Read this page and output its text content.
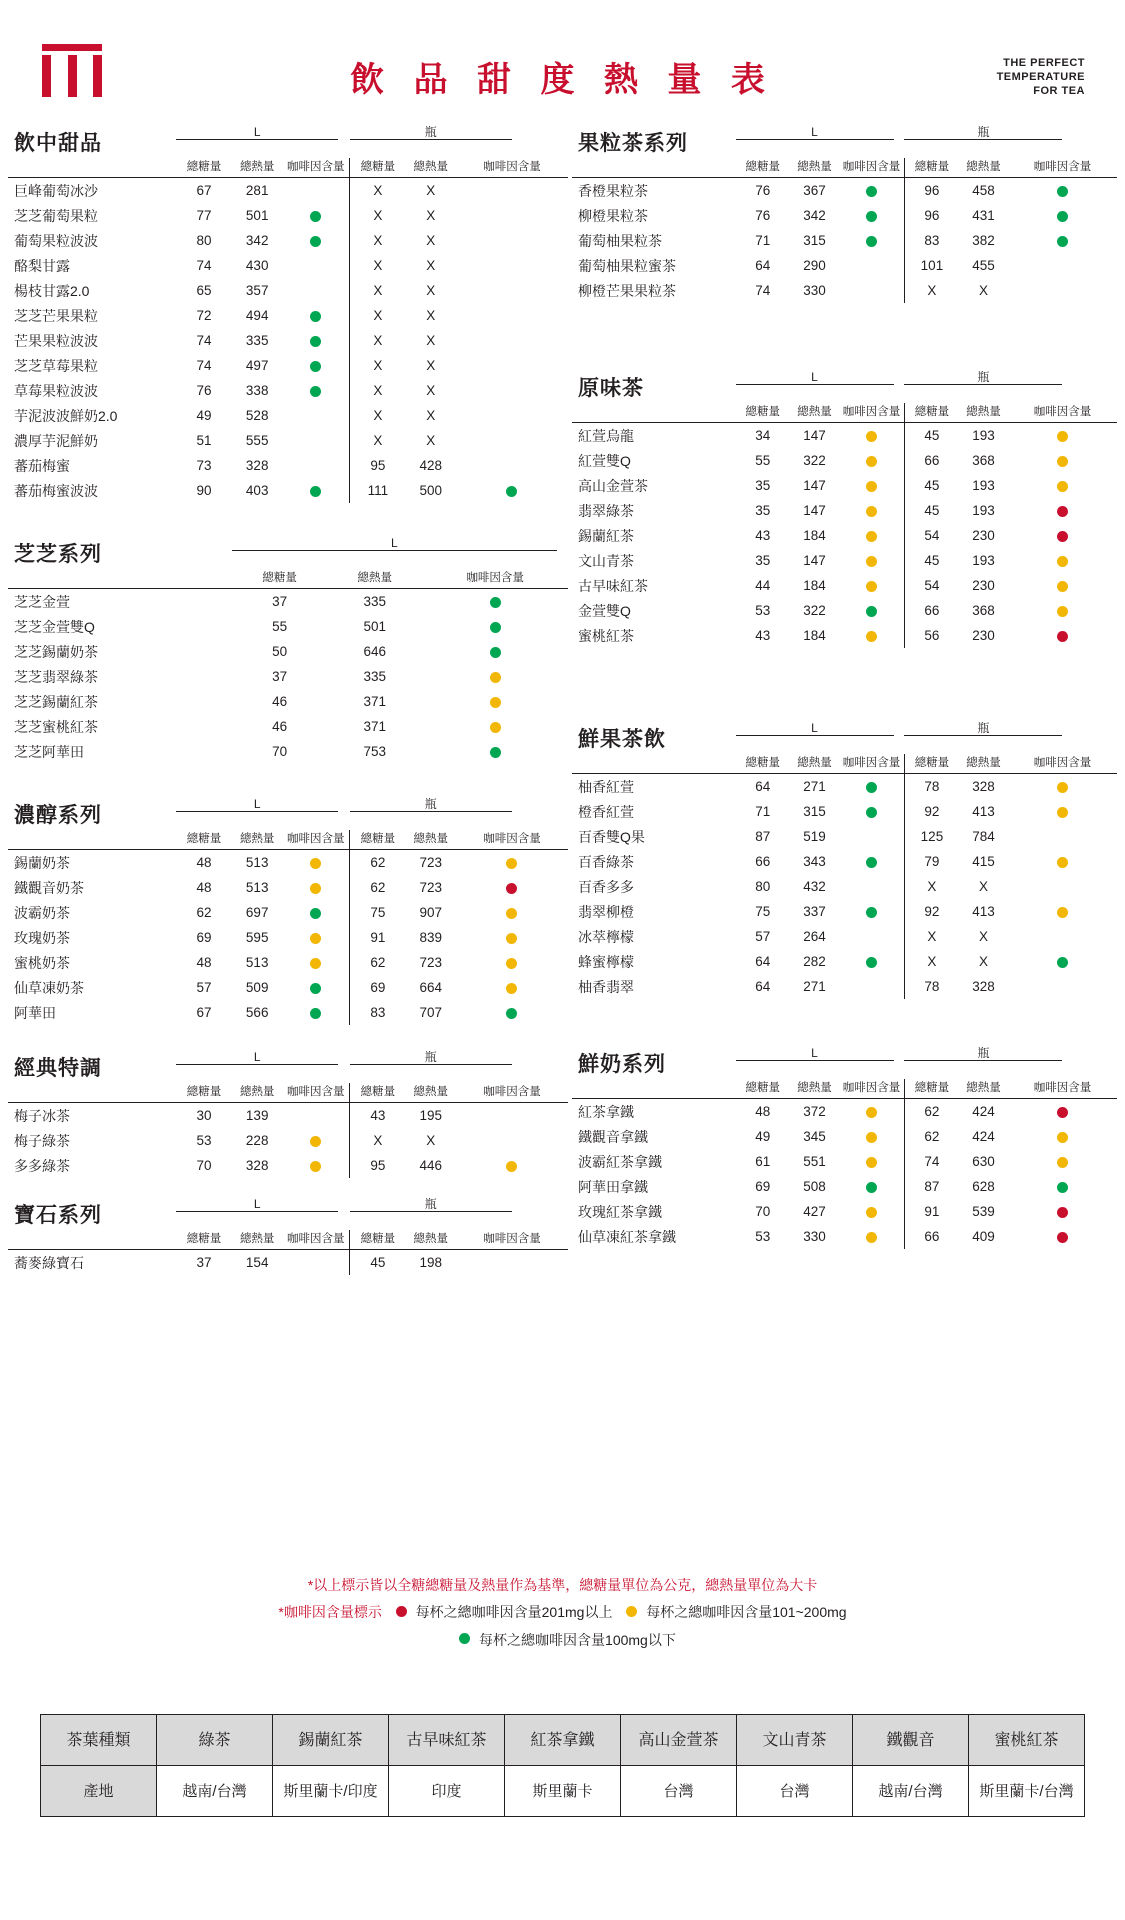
飲 品 甜 度 熱 量 表	THE PERFECT
TEMPERATURE
FOR TEA
飲中甜品	L	瓶
	總糖量	總熱量	咖啡因含量	總糖量	總熱量	咖啡因含量
巨峰葡萄冰沙	67	281		X	X	
芝芝葡萄果粒	77	501		X	X	
葡萄果粒波波	80	342		X	X	
酪梨甘露	74	430		X	X	
楊枝甘露2.0	65	357		X	X	
芝芝芒果果粒	72	494		X	X	
芒果果粒波波	74	335		X	X	
芝芝草莓果粒	74	497		X	X	
草莓果粒波波	76	338		X	X	
芋泥波波鮮奶2.0	49	528		X	X	
濃厚芋泥鮮奶	51	555		X	X	
蕃茄梅蜜	73	328		95	428	
蕃茄梅蜜波波	90	403		111	500	
芝芝系列	L
	總糖量	總熱量	咖啡因含量
芝芝金萱	37	335	
芝芝金萱雙Q	55	501	
芝芝錫蘭奶茶	50	646	
芝芝翡翠綠茶	37	335	
芝芝錫蘭紅茶	46	371	
芝芝蜜桃紅茶	46	371	
芝芝阿華田	70	753	
濃醇系列	L	瓶
	總糖量	總熱量	咖啡因含量	總糖量	總熱量	咖啡因含量
錫蘭奶茶	48	513		62	723	
鐵觀音奶茶	48	513		62	723	
波霸奶茶	62	697		75	907	
玫瑰奶茶	69	595		91	839	
蜜桃奶茶	48	513		62	723	
仙草凍奶茶	57	509		69	664	
阿華田	67	566		83	707	
經典特調	L	瓶
	總糖量	總熱量	咖啡因含量	總糖量	總熱量	咖啡因含量
梅子冰茶	30	139		43	195	
梅子綠茶	53	228		X	X	
多多綠茶	70	328		95	446	
寶石系列	L	瓶
	總糖量	總熱量	咖啡因含量	總糖量	總熱量	咖啡因含量
蕎麥綠寶石	37	154		45	198	
果粒茶系列	L	瓶
	總糖量	總熱量	咖啡因含量	總糖量	總熱量	咖啡因含量
香橙果粒茶	76	367		96	458	
柳橙果粒茶	76	342		96	431	
葡萄柚果粒茶	71	315		83	382	
葡萄柚果粒蜜茶	64	290		101	455	
柳橙芒果果粒茶	74	330		X	X	
原味茶	L	瓶
	總糖量	總熱量	咖啡因含量	總糖量	總熱量	咖啡因含量
紅萱烏龍	34	147		45	193	
紅萱雙Q	55	322		66	368	
高山金萱茶	35	147		45	193	
翡翠綠茶	35	147		45	193	
錫蘭紅茶	43	184		54	230	
文山青茶	35	147		45	193	
古早味紅茶	44	184		54	230	
金萱雙Q	53	322		66	368	
蜜桃紅茶	43	184		56	230	
鮮果茶飲	L	瓶
	總糖量	總熱量	咖啡因含量	總糖量	總熱量	咖啡因含量
柚香紅萱	64	271		78	328	
橙香紅萱	71	315		92	413	
百香雙Q果	87	519		125	784	
百香綠茶	66	343		79	415	
百香多多	80	432		X	X	
翡翠柳橙	75	337		92	413	
冰萃檸檬	57	264		X	X	
蜂蜜檸檬	64	282		X	X	
柚香翡翠	64	271		78	328	
鮮奶系列	L	瓶
	總糖量	總熱量	咖啡因含量	總糖量	總熱量	咖啡因含量
紅茶拿鐵	48	372		62	424	
鐵觀音拿鐵	49	345		62	424	
波霸紅茶拿鐵	61	551		74	630	
阿華田拿鐵	69	508		87	628	
玫瑰紅茶拿鐵	70	427		91	539	
仙草凍紅茶拿鐵	53	330		66	409	
*以上標示皆以全糖總糖量及熱量作為基準，總糖量單位為公克，總熱量單位為大卡
*咖啡因含量標示 每杯之總咖啡因含量201mg以上 每杯之總咖啡因含量101~200mg
每杯之總咖啡因含量100mg以下
茶葉種類	綠茶	錫蘭紅茶	古早味紅茶	紅茶拿鐵	高山金萱茶	文山青茶	鐵觀音	蜜桃紅茶
產地	越南/台灣	斯里蘭卡/印度	印度	斯里蘭卡	台灣	台灣	越南/台灣	斯里蘭卡/台灣
